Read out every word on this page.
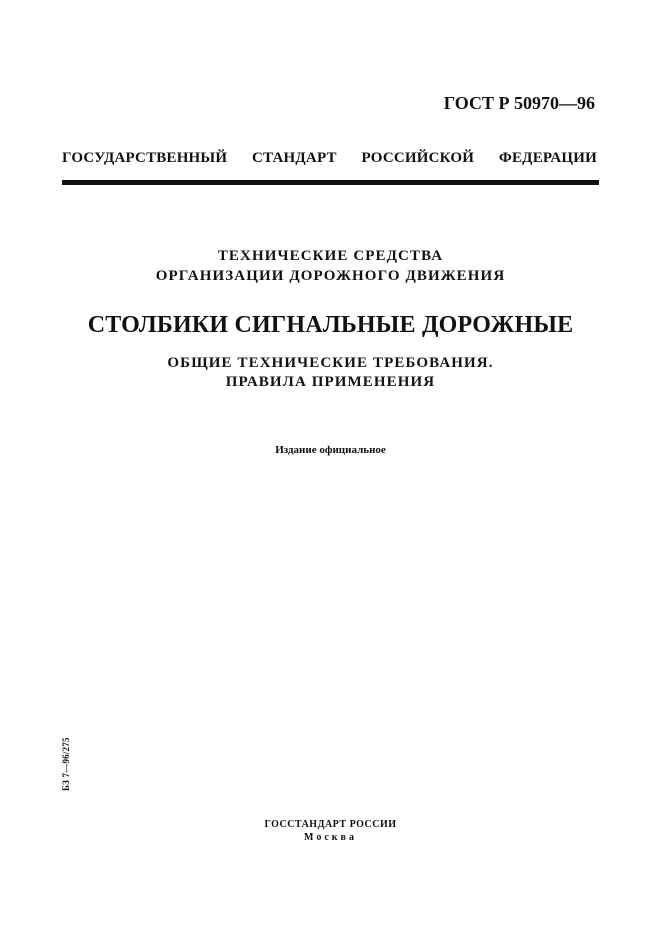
ГОСТ Р 50970—96
ГОСУДАРСТВЕННЫЙ СТАНДАРТ РОССИЙСКОЙ ФЕДЕРАЦИИ
ТЕХНИЧЕСКИЕ СРЕДСТВА
ОРГАНИЗАЦИИ ДОРОЖНОГО ДВИЖЕНИЯ
СТОЛБИКИ СИГНАЛЬНЫЕ ДОРОЖНЫЕ
ОБЩИЕ ТЕХНИЧЕСКИЕ ТРЕБОВАНИЯ.
ПРАВИЛА ПРИМЕНЕНИЯ
Издание официальное
БЗ 7—96/275
ГОССТАНДАРТ РОССИИ
Москва
